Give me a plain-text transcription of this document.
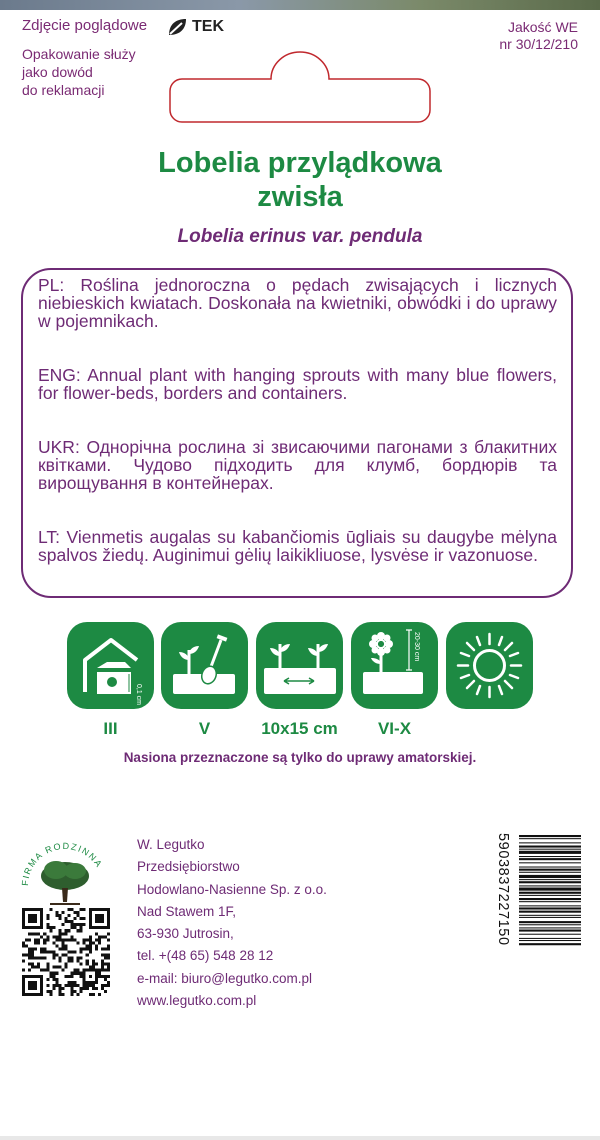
Zdjęcie poglądowe
Opakowanie służy
jako dowód
do reklamacji
TEK	Jakość WE
nr 30/12/210
Lobelia przylądkowa
zwisła
Lobelia erinus var. pendula

PL: Roślina jednoroczna o pędach zwisających i licznych niebieskich kwiatach. Doskonała na kwietniki, obwódki i do uprawy w pojemnikach.

ENG: Annual plant with hanging sprouts with many blue flowers, for flower-beds, borders and containers.

UKR: Однорічна рослина зі звисаючими пагонами з блакитних квітками. Чудово підходить для клумб, бордюрів та вирощування в контейнерах.

LT: Vienmetis augalas su kabančiomis ūgliais su daugybe mėlyna spalvos žiedų. Auginimui gėlių laikikliuose, lysvėse ir vazonuose.

0,1 cm
20-30 cm
III	V	10x15 cm	VI-X
Nasiona przeznaczone są tylko do uprawy amatorskiej.
FIRMA RODZINNA
W. Legutko
Przedsiębiorstwo
Hodowlano-Nasienne Sp. z o.o.
Nad Stawem 1F,
63-930 Jutrosin,
tel. +(48 65) 548 28 12
e-mail: biuro@legutko.com.pl
www.legutko.com.pl
5903837227150
